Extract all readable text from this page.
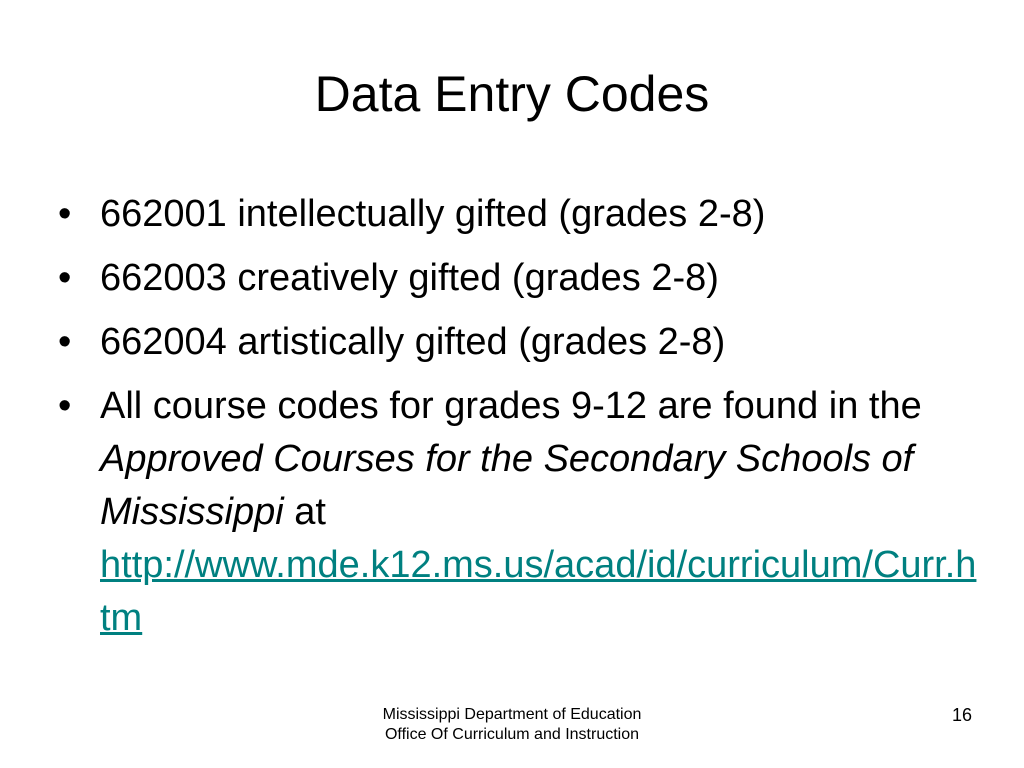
Data Entry Codes
• 662001 intellectually gifted (grades 2-8)
• 662003 creatively gifted (grades 2-8)
• 662004 artistically gifted (grades 2-8)
• All course codes for grades 9-12 are found in the Approved Courses for the Secondary Schools of Mississippi at
http://www.mde.k12.ms.us/acad/id/curriculum/Curr.htm
Mississippi Department of Education
Office Of Curriculum and Instruction
16
